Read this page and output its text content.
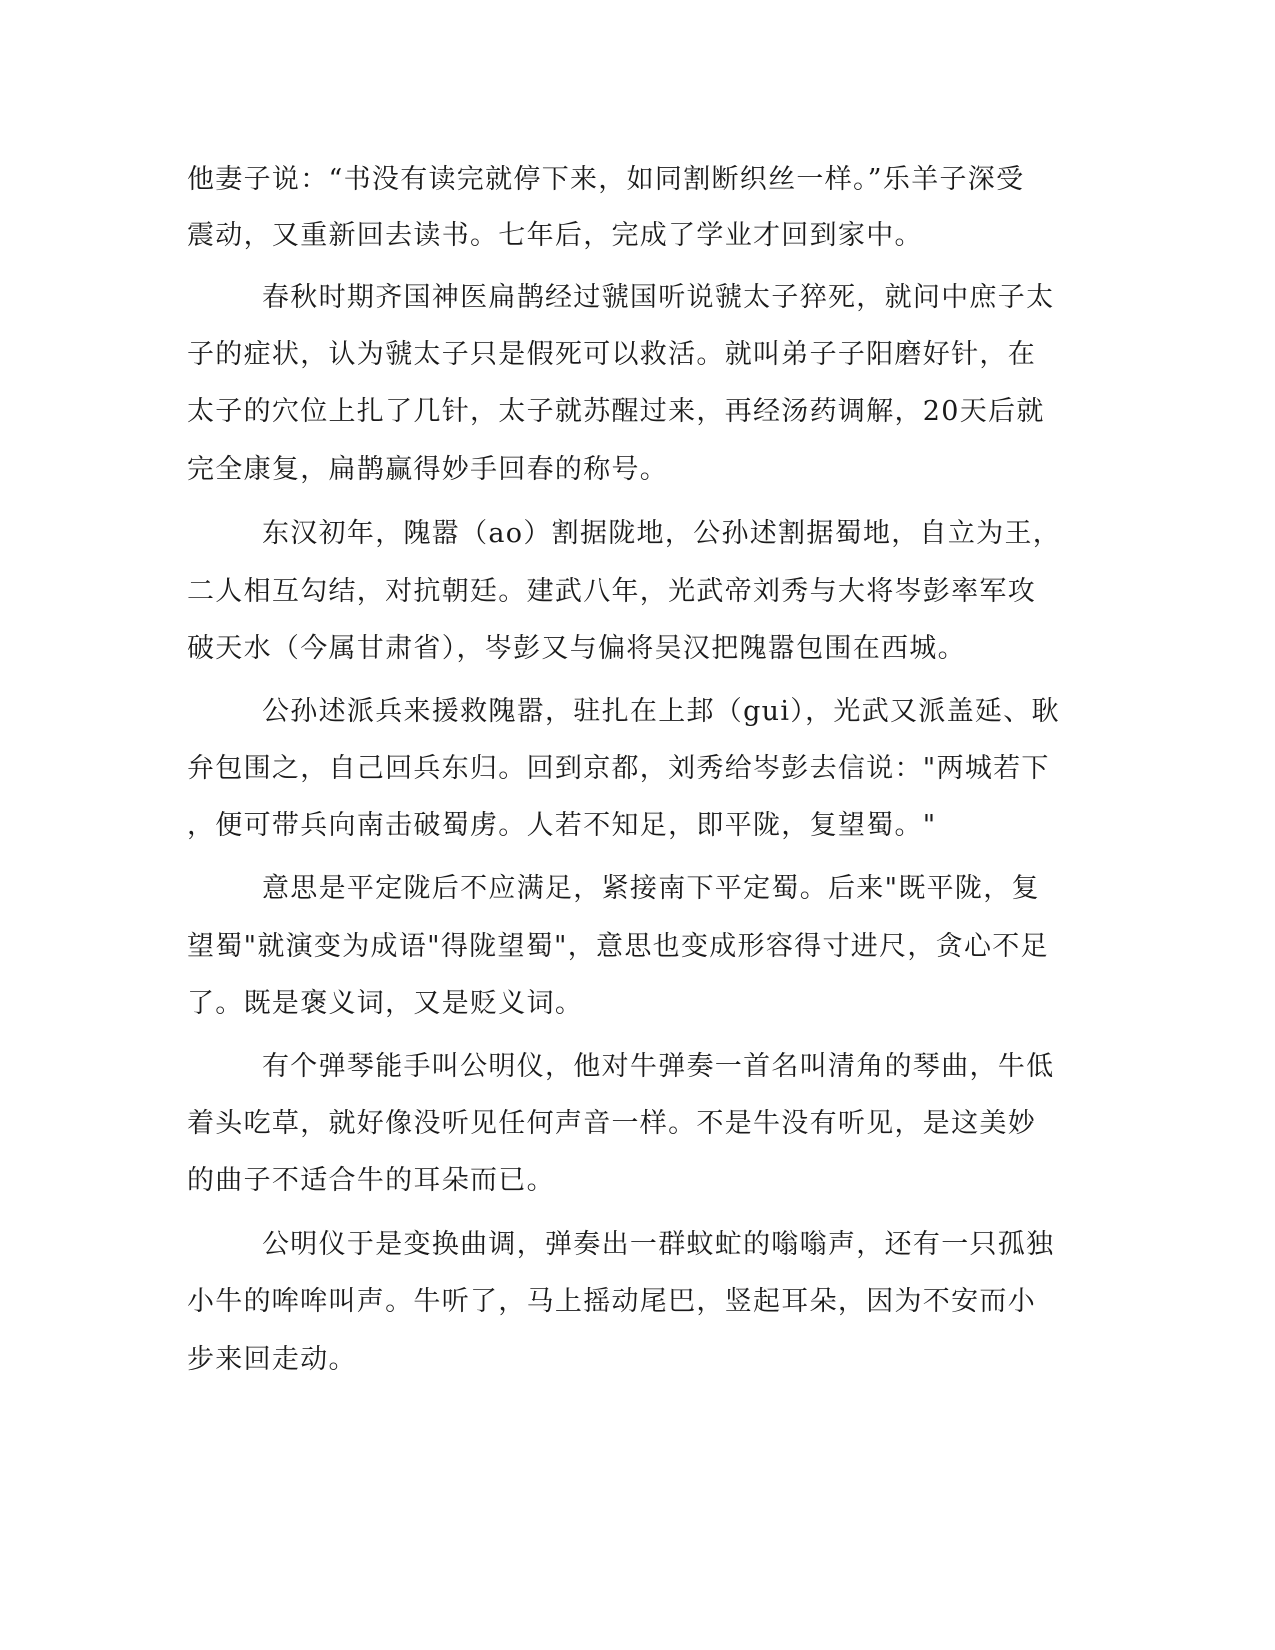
他妻子说：“书没有读完就停下来，如同割断织丝一样。”乐羊子深受
震动，又重新回去读书。七年后，完成了学业才回到家中。
春秋时期齐国神医扁鹊经过虢国听说虢太子猝死，就问中庶子太
子的症状，认为虢太子只是假死可以救活。就叫弟子子阳磨好针，在
太子的穴位上扎了几针，太子就苏醒过来，再经汤药调解，20天后就
完全康复，扁鹊赢得妙手回春的称号。
东汉初年，隗嚣（ao）割据陇地，公孙述割据蜀地，自立为王，
二人相互勾结，对抗朝廷。建武八年，光武帝刘秀与大将岑彭率军攻
破天水（今属甘肃省），岑彭又与偏将吴汉把隗嚣包围在西城。
公孙述派兵来援救隗嚣，驻扎在上邽（gui），光武又派盖延、耿
弁包围之，自己回兵东归。回到京都，刘秀给岑彭去信说："两城若下
，便可带兵向南击破蜀虏。人若不知足，即平陇，复望蜀。"
意思是平定陇后不应满足，紧接南下平定蜀。后来"既平陇，复
望蜀"就演变为成语"得陇望蜀"，意思也变成形容得寸进尺，贪心不足
了。既是褒义词，又是贬义词。
有个弹琴能手叫公明仪，他对牛弹奏一首名叫清角的琴曲，牛低
着头吃草，就好像没听见任何声音一样。不是牛没有听见，是这美妙
的曲子不适合牛的耳朵而已。
公明仪于是变换曲调，弹奏出一群蚊虻的嗡嗡声，还有一只孤独
小牛的哞哞叫声。牛听了，马上摇动尾巴，竖起耳朵，因为不安而小
步来回走动。
